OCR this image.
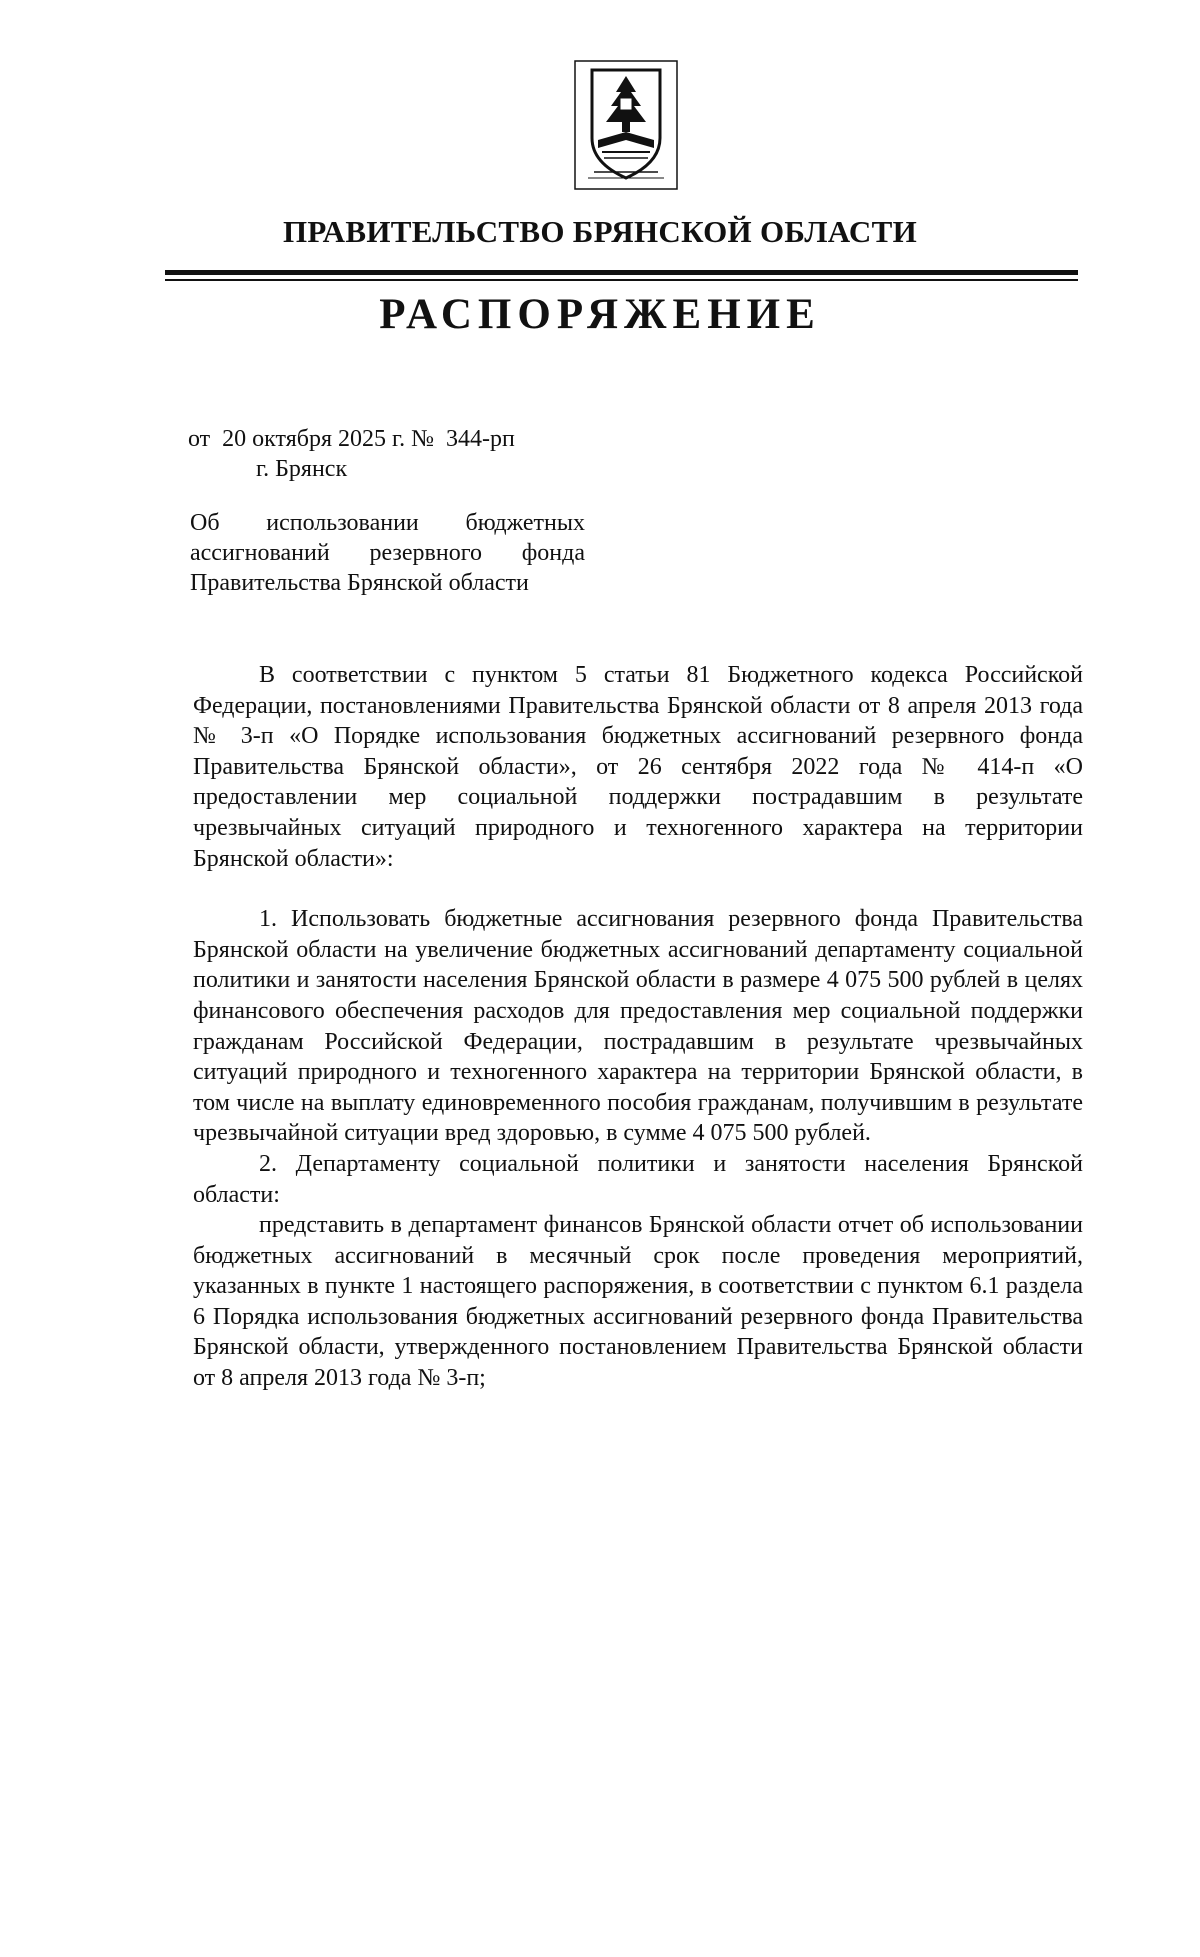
ПРАВИТЕЛЬСТВО БРЯНСКОЙ ОБЛАСТИ
РАСПОРЯЖЕНИЕ
от  20 октября 2025 г. №  344-рп
г. Брянск
Об использовании бюджетных ассигнований резервного фонда Правительства Брянской области

В соответствии с пунктом 5 статьи 81 Бюджетного кодекса Российской Федерации, постановлениями Правительства Брянской области от 8 апреля 2013 года № 3-п «О Порядке использования бюджетных ассигнований резервного фонда Правительства Брянской области», от 26 сентября 2022 года № 414-п «О предоставлении мер социальной поддержки пострадавшим в результате чрезвычайных ситуаций природного и техногенного характера на территории Брянской области»:

1. Использовать бюджетные ассигнования резервного фонда Правительства Брянской области на увеличение бюджетных ассигнований департаменту социальной политики и занятости населения Брянской области в размере 4 075 500 рублей в целях финансового обеспечения расходов для предоставления мер социальной поддержки гражданам Российской Федерации, пострадавшим в результате чрезвычайных ситуаций природного и техногенного характера на территории Брянской области, в том числе на выплату единовременного пособия гражданам, получившим в результате чрезвычайной ситуации вред здоровью, в сумме 4 075 500 рублей.

2. Департаменту социальной политики и занятости населения Брянской области:

представить в департамент финансов Брянской области отчет об использовании бюджетных ассигнований в месячный срок после проведения мероприятий, указанных в пункте 1 настоящего распоряжения, в соответствии с пунктом 6.1 раздела 6 Порядка использования бюджетных ассигнований резервного фонда Правительства Брянской области, утвержденного постановлением Правительства Брянской области от 8 апреля 2013 года № 3-п;
